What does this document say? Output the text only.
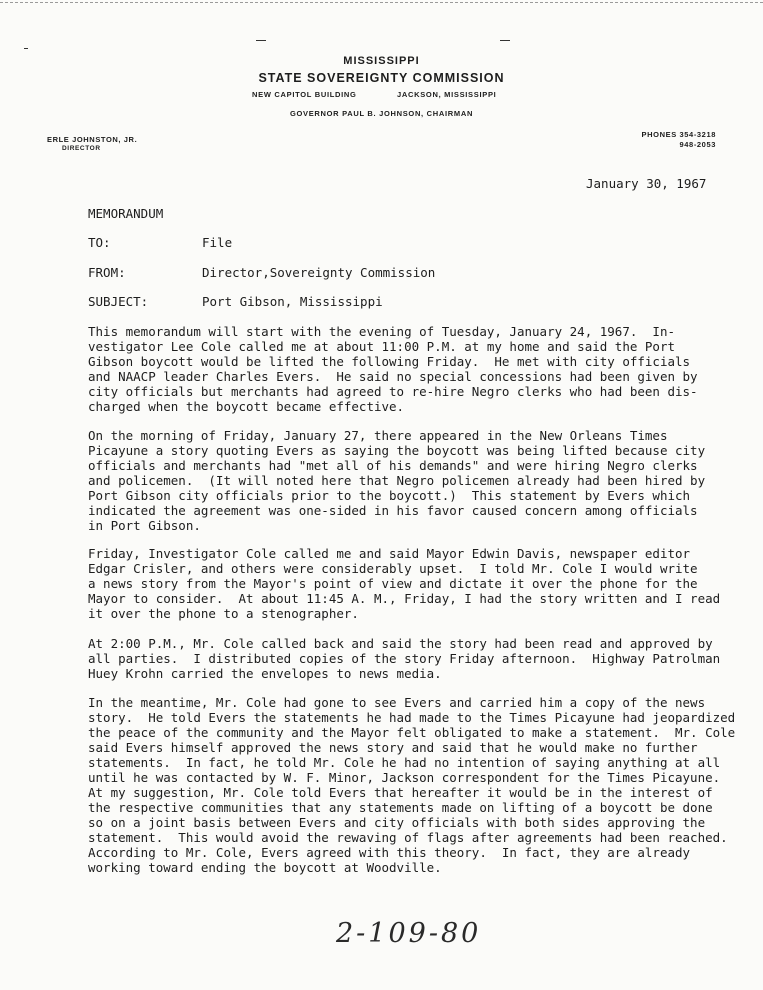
MISSISSIPPI
STATE SOVEREIGNTY COMMISSION
NEW CAPITOL BUILDING	JACKSON, MISSISSIPPI
GOVERNOR PAUL B. JOHNSON, CHAIRMAN
ERLE JOHNSTON, JR.
DIRECTOR
PHONES 354-3218
948-2053
January 30, 1967
MEMORANDUM
TO:	File
FROM:	Director,Sovereignty Commission
SUBJECT:	Port Gibson, Mississippi
This memorandum will start with the evening of Tuesday, January 24, 1967.  In-
vestigator Lee Cole called me at about 11:00 P.M. at my home and said the Port
Gibson boycott would be lifted the following Friday.  He met with city officials
and NAACP leader Charles Evers.  He said no special concessions had been given by
city officials but merchants had agreed to re-hire Negro clerks who had been dis-
charged when the boycott became effective.
On the morning of Friday, January 27, there appeared in the New Orleans Times
Picayune a story quoting Evers as saying the boycott was being lifted because city
officials and merchants had "met all of his demands" and were hiring Negro clerks
and policemen.  (It will noted here that Negro policemen already had been hired by
Port Gibson city officials prior to the boycott.)  This statement by Evers which
indicated the agreement was one-sided in his favor caused concern among officials
in Port Gibson.
Friday, Investigator Cole called me and said Mayor Edwin Davis, newspaper editor
Edgar Crisler, and others were considerably upset.  I told Mr. Cole I would write
a news story from the Mayor's point of view and dictate it over the phone for the
Mayor to consider.  At about 11:45 A. M., Friday, I had the story written and I read
it over the phone to a stenographer.
At 2:00 P.M., Mr. Cole called back and said the story had been read and approved by
all parties.  I distributed copies of the story Friday afternoon.  Highway Patrolman
Huey Krohn carried the envelopes to news media.
In the meantime, Mr. Cole had gone to see Evers and carried him a copy of the news
story.  He told Evers the statements he had made to the Times Picayune had jeopardized
the peace of the community and the Mayor felt obligated to make a statement.  Mr. Cole
said Evers himself approved the news story and said that he would make no further
statements.  In fact, he told Mr. Cole he had no intention of saying anything at all
until he was contacted by W. F. Minor, Jackson correspondent for the Times Picayune.
At my suggestion, Mr. Cole told Evers that hereafter it would be in the interest of
the respective communities that any statements made on lifting of a boycott be done
so on a joint basis between Evers and city officials with both sides approving the
statement.  This would avoid the rewaving of flags after agreements had been reached.
According to Mr. Cole, Evers agreed with this theory.  In fact, they are already
working toward ending the boycott at Woodville.
2-109-80
